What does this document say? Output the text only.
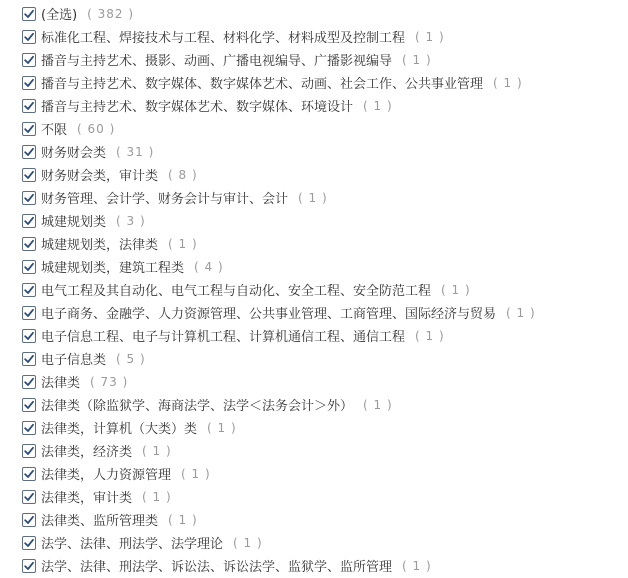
(全选) ( 382 )
标准化工程、焊接技术与工程、材料化学、材料成型及控制工程 ( 1 )
播音与主持艺术、摄影、动画、广播电视编导、广播影视编导 ( 1 )
播音与主持艺术、数字媒体、数字媒体艺术、动画、社会工作、公共事业管理 ( 1 )
播音与主持艺术、数字媒体艺术、数字媒体、环境设计 ( 1 )
不限 ( 60 )
财务财会类 ( 31 )
财务财会类，审计类 ( 8 )
财务管理、会计学、财务会计与审计、会计 ( 1 )
城建规划类 ( 3 )
城建规划类，法律类 ( 1 )
城建规划类，建筑工程类 ( 4 )
电气工程及其自动化、电气工程与自动化、安全工程、安全防范工程 ( 1 )
电子商务、金融学、人力资源管理、公共事业管理、工商管理、国际经济与贸易 ( 1 )
电子信息工程、电子与计算机工程、计算机通信工程、通信工程 ( 1 )
电子信息类 ( 5 )
法律类 ( 73 )
法律类（除监狱学、海商法学、法学＜法务会计＞外） ( 1 )
法律类，计算机（大类）类 ( 1 )
法律类，经济类 ( 1 )
法律类，人力资源管理 ( 1 )
法律类，审计类 ( 1 )
法律类、监所管理类 ( 1 )
法学、法律、刑法学、法学理论 ( 1 )
法学、法律、刑法学、诉讼法、诉讼法学、监狱学、监所管理 ( 1 )
